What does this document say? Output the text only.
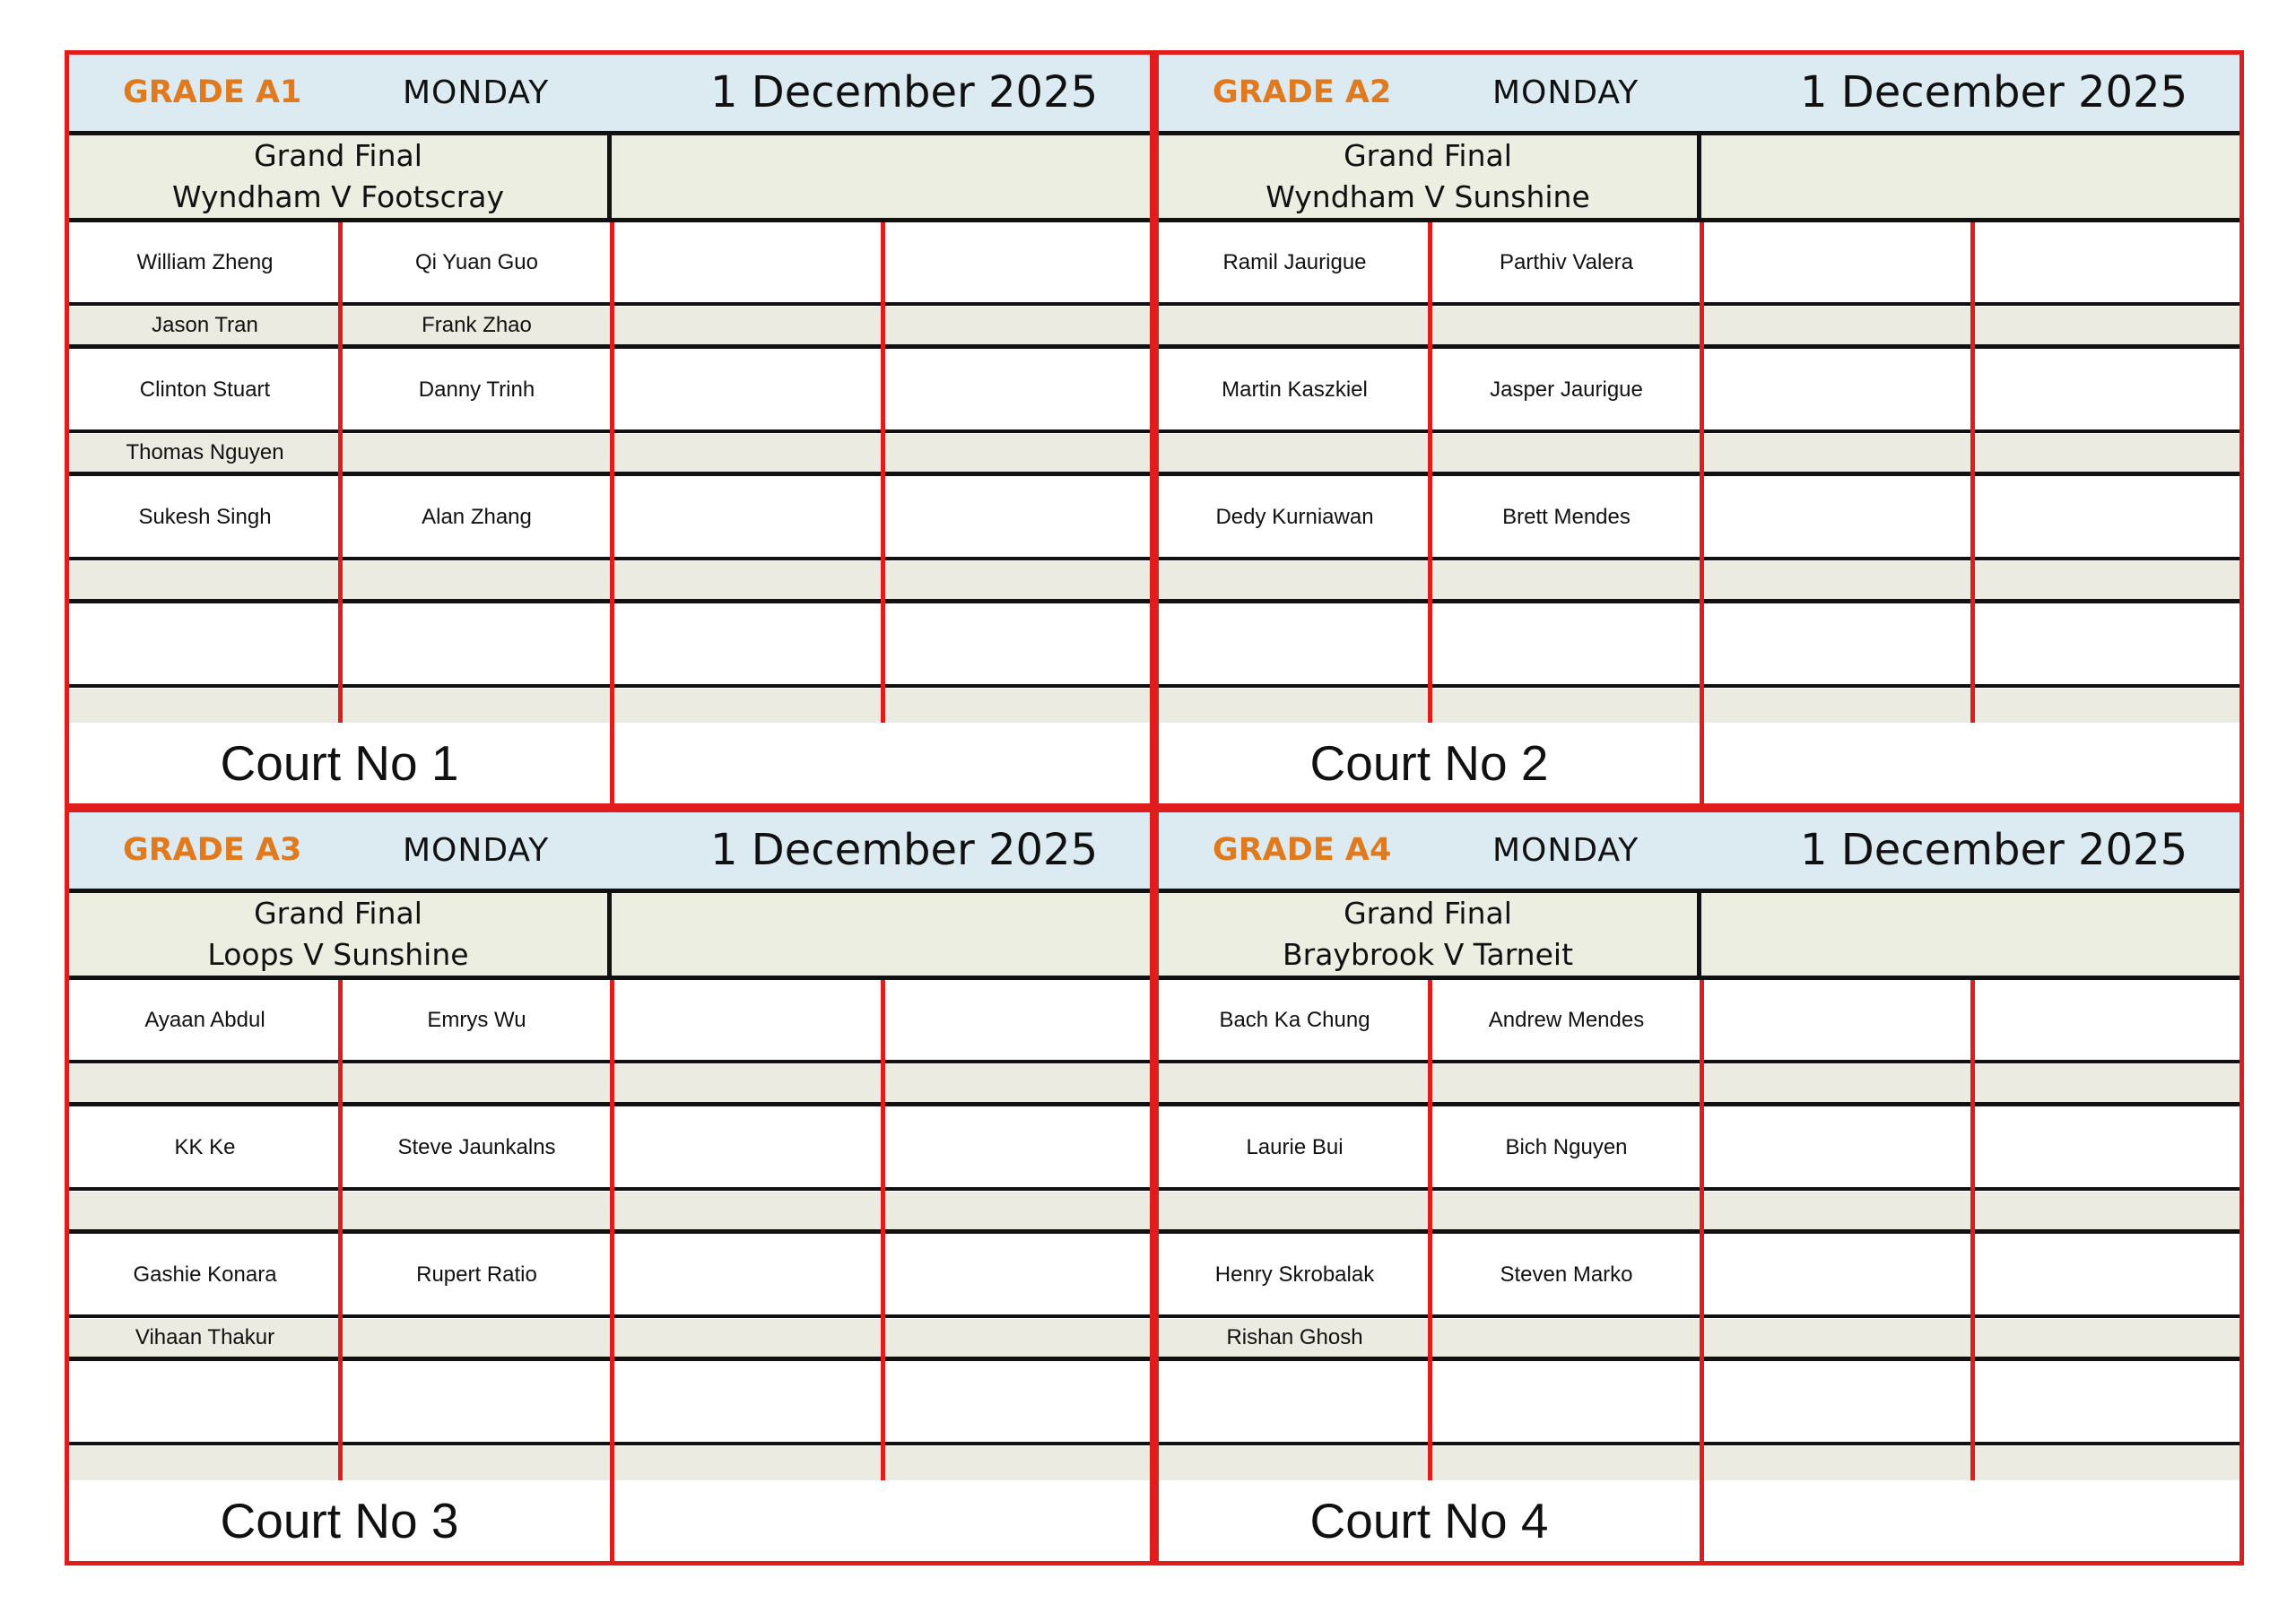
GRADE A1	MONDAY	1 December 2025
Grand Final
Wyndham V Footscray
William Zheng	Qi Yuan Guo
Jason Tran	Frank Zhao
Clinton Stuart	Danny Trinh
Thomas Nguyen
Sukesh Singh	Alan Zhang
Court No 1
GRADE A2	MONDAY	1 December 2025
Grand Final
Wyndham V Sunshine
Ramil Jaurigue	Parthiv Valera
Martin Kaszkiel	Jasper Jaurigue
Dedy Kurniawan	Brett Mendes
Court No 2
GRADE A3	MONDAY	1 December 2025
Grand Final
Loops V Sunshine
Ayaan Abdul	Emrys Wu
KK Ke	Steve Jaunkalns
Gashie Konara	Rupert Ratio
Vihaan Thakur
Court No 3
GRADE A4	MONDAY	1 December 2025
Grand Final
Braybrook V Tarneit
Bach Ka Chung	Andrew Mendes
Laurie Bui	Bich Nguyen
Henry Skrobalak	Steven Marko
Rishan Ghosh
Court No 4
